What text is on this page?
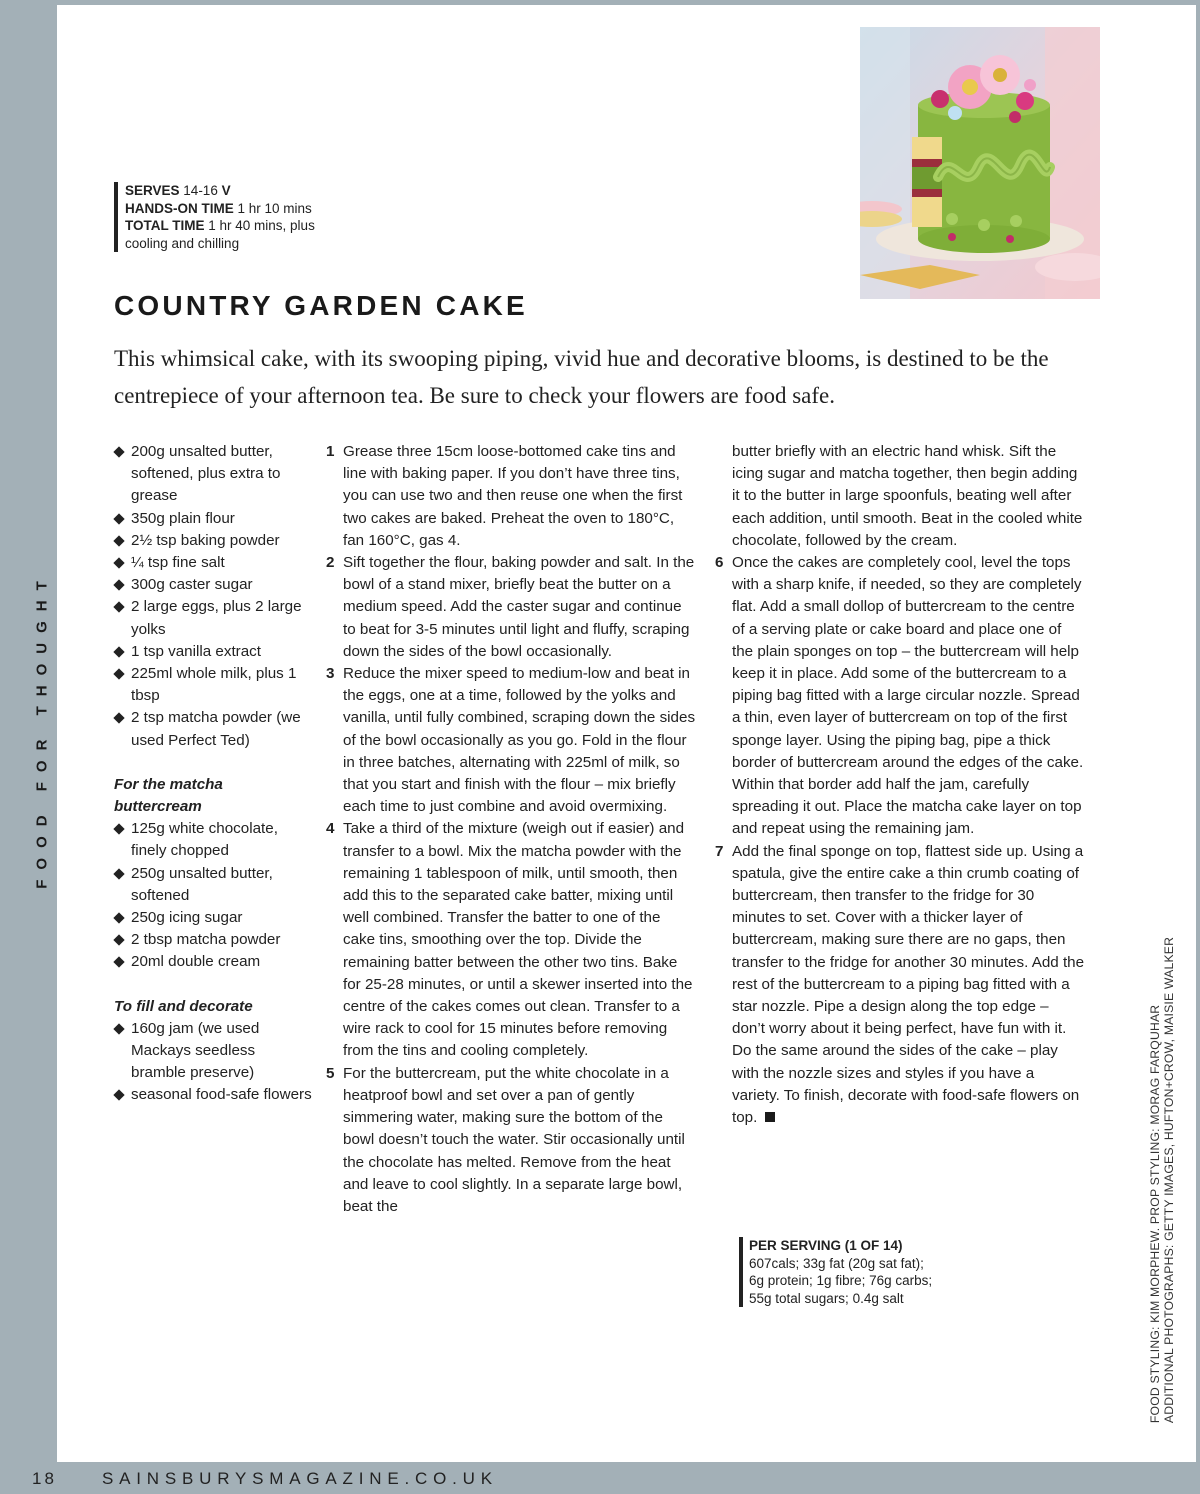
FOOD FOR THOUGHT
SERVES 14-16 V
HANDS-ON TIME 1 hr 10 mins
TOTAL TIME 1 hr 40 mins, plus
cooling and chilling
COUNTRY GARDEN CAKE

This whimsical cake, with its swooping piping, vivid hue and decorative blooms, is destined to be the centrepiece of your afternoon tea. Be sure to check your flowers are food safe.

200g unsalted butter, softened, plus extra to grease
350g plain flour
2½ tsp baking powder
¼ tsp fine salt
300g caster sugar
2 large eggs, plus 2 large yolks
1 tsp vanilla extract
225ml whole milk, plus 1 tbsp
2 tsp matcha powder (we used Perfect Ted)
For the matcha buttercream
125g white chocolate, finely chopped
250g unsalted butter, softened
250g icing sugar
2 tbsp matcha powder
20ml double cream
To fill and decorate
160g jam (we used Mackays seedless bramble preserve)
seasonal food-safe flowers
1 Grease three 15cm loose-bottomed cake tins and line with baking paper. If you don’t have three tins, you can use two and then reuse one when the first two cakes are baked. Preheat the oven to 180°C, fan 160°C, gas 4.
2 Sift together the flour, baking powder and salt. In the bowl of a stand mixer, briefly beat the butter on a medium speed. Add the caster sugar and continue to beat for 3-5 minutes until light and fluffy, scraping down the sides of the bowl occasionally.
3 Reduce the mixer speed to medium-low and beat in the eggs, one at a time, followed by the yolks and vanilla, until fully combined, scraping down the sides of the bowl occasionally as you go. Fold in the flour in three batches, alternating with 225ml of milk, so that you start and finish with the flour – mix briefly each time to just combine and avoid overmixing.
4 Take a third of the mixture (weigh out if easier) and transfer to a bowl. Mix the matcha powder with the remaining 1 tablespoon of milk, until smooth, then add this to the separated cake batter, mixing until well combined. Transfer the batter to one of the cake tins, smoothing over the top. Divide the remaining batter between the other two tins. Bake for 25-28 minutes, or until a skewer inserted into the centre of the cakes comes out clean. Transfer to a wire rack to cool for 15 minutes before removing from the tins and cooling completely.
5 For the buttercream, put the white chocolate in a heatproof bowl and set over a pan of gently simmering water, making sure the bottom of the bowl doesn’t touch the water. Stir occasionally until the chocolate has melted. Remove from the heat and leave to cool slightly. In a separate large bowl, beat the
butter briefly with an electric hand whisk. Sift the icing sugar and matcha together, then begin adding it to the butter in large spoonfuls, beating well after each addition, until smooth. Beat in the cooled white chocolate, followed by the cream.
6 Once the cakes are completely cool, level the tops with a sharp knife, if needed, so they are completely flat. Add a small dollop of buttercream to the centre of a serving plate or cake board and place one of the plain sponges on top – the buttercream will help keep it in place. Add some of the buttercream to a piping bag fitted with a large circular nozzle. Spread a thin, even layer of buttercream on top of the first sponge layer. Using the piping bag, pipe a thick border of buttercream around the edges of the cake. Within that border add half the jam, carefully spreading it out. Place the matcha cake layer on top and repeat using the remaining jam.
7 Add the final sponge on top, flattest side up. Using a spatula, give the entire cake a thin crumb coating of buttercream, then transfer to the fridge for 30 minutes to set. Cover with a thicker layer of buttercream, making sure there are no gaps, then transfer to the fridge for another 30 minutes. Add the rest of the buttercream to a piping bag fitted with a star nozzle. Pipe a design along the top edge – don’t worry about it being perfect, have fun with it. Do the same around the sides of the cake – play with the nozzle sizes and styles if you have a variety. To finish, decorate with food-safe flowers on top.
PER SERVING (1 OF 14)
607cals; 33g fat (20g sat fat);
6g protein; 1g fibre; 76g carbs;
55g total sugars; 0.4g salt	FOOD STYLING: KIM MORPHEW. PROP STYLING: MORAG FARQUHAR ADDITIONAL PHOTOGRAPHS: GETTY IMAGES, HUFTON+CROW, MAISIE WALKER
18	SAINSBURYSMAGAZINE.CO.UK
